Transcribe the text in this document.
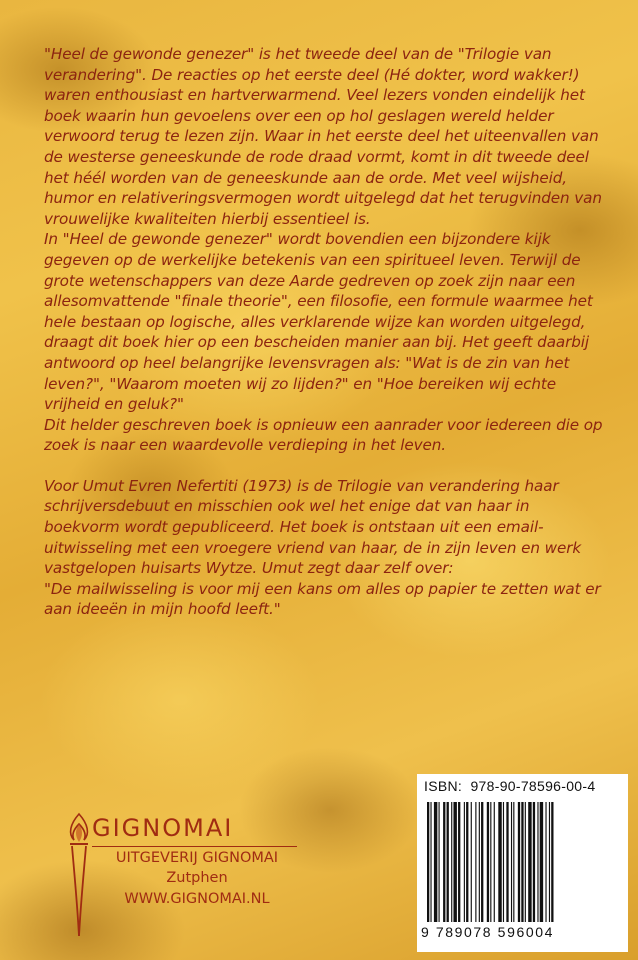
"Heel de gewonde genezer" is het tweede deel van de "Trilogie van verandering". De reacties op het eerste deel (Hé dokter, word wakker!) waren enthousiast en hartverwarmend. Veel lezers vonden eindelijk het boek waarin hun gevoelens over een op hol geslagen wereld helder verwoord terug te lezen zijn. Waar in het eerste deel het uiteenvallen van de westerse geneeskunde de rode draad vormt, komt in dit tweede deel het héél worden van de geneeskunde aan de orde. Met veel wijsheid, humor en relativeringsvermogen wordt uitgelegd dat het terugvinden van vrouwelijke kwaliteiten hierbij essentieel is.

In "Heel de gewonde genezer" wordt bovendien een bijzondere kijk gegeven op de werkelijke betekenis van een spiritueel leven. Terwijl de grote wetenschappers van deze Aarde gedreven op zoek zijn naar een allesomvattende "finale theorie", een filosofie, een formule waarmee het hele bestaan op logische, alles verklarende wijze kan worden uitgelegd, draagt dit boek hier op een bescheiden manier aan bij. Het geeft daarbij antwoord op heel belangrijke levensvragen als: "Wat is de zin van het leven?", "Waarom moeten wij zo lijden?" en "Hoe bereiken wij echte vrijheid en geluk?"

Dit helder geschreven boek is opnieuw een aanrader voor iedereen die op zoek is naar een waardevolle verdieping in het leven.

Voor Umut Evren Nefertiti (1973) is de Trilogie van verandering haar schrijversdebuut en misschien ook wel het enige dat van haar in boekvorm wordt gepubliceerd. Het boek is ontstaan uit een email-uitwisseling met een vroegere vriend van haar, de in zijn leven en werk vastgelopen huisarts Wytze. Umut zegt daar zelf over:

"De mailwisseling is voor mij een kans om alles op papier te zetten wat er aan ideeën in mijn hoofd leeft."

GIGNOMAI
UITGEVERIJ GIGNOMAI
Zutphen
WWW.GIGNOMAI.NL
ISBN: 978-90-78596-00-4
9 789078 596004
